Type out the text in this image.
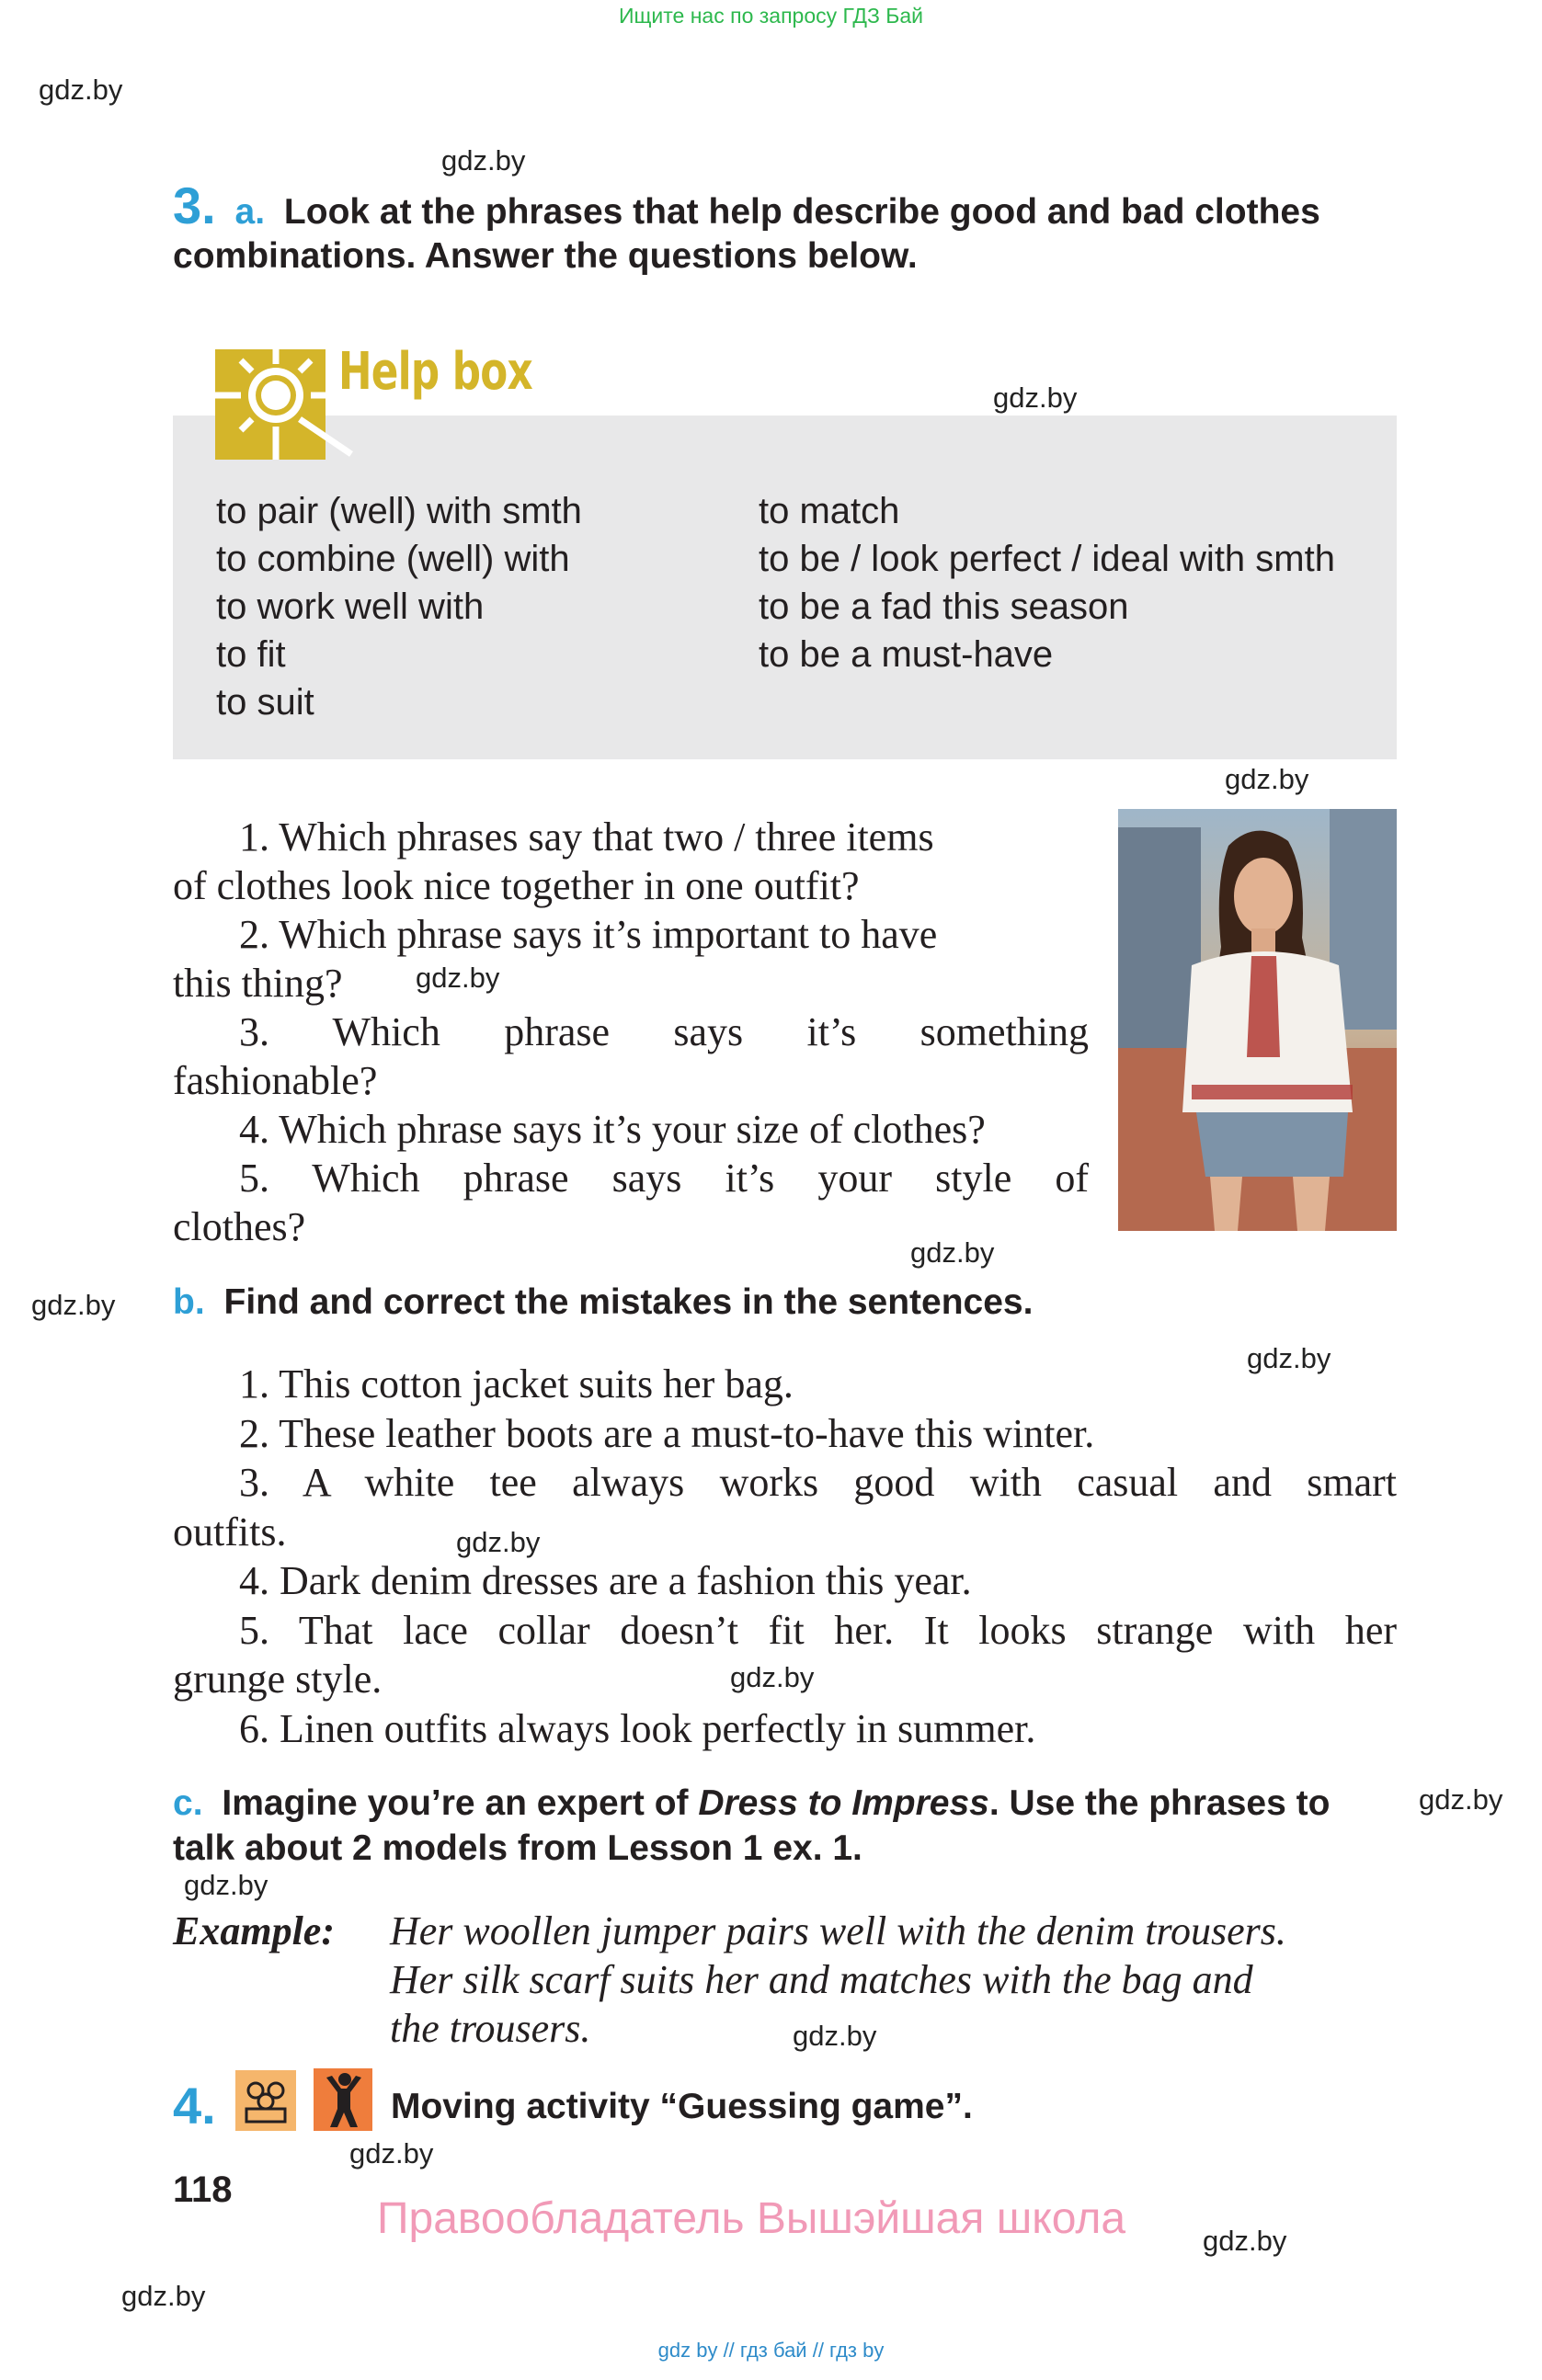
Ищите нас по запросу ГДЗ Бай
gdz.by
gdz.by
gdz.by
gdz.by
gdz.by
gdz.by
gdz.by
gdz.by
gdz.by
gdz.by
gdz.by
gdz.by
gdz.by
gdz.by
gdz.by
gdz.by
3. a. Look at the phrases that help describe good and bad clothes
combinations. Answer the questions below.
Help box
to pair (well) with smth
to combine (well) with
to work well with
to fit
to suit
to match
to be / look perfect / ideal with smth
to be a fad this season
to be a must-have
1. Which phrases say that two / three items
of clothes look nice together in one outfit?
2. Which phrase says it’s important to have
this thing?
3. Which phrase says it’s something
fashionable?
4. Which phrase says it’s your size of clothes?
5. Which phrase says it’s your style of
clothes?
b. Find and correct the mistakes in the sentences.
1. This cotton jacket suits her bag.
2. These leather boots are a must-to-have this winter.
3. A white tee always works good with casual and smart
outfits.
4. Dark denim dresses are a fashion this year.
5. That lace collar doesn’t fit her. It looks strange with her
grunge style.
6. Linen outfits always look perfectly in summer.
c. Imagine you’re an expert of Dress to Impress. Use the phrases to
talk about 2 models from Lesson 1 ex. 1.
Example: Her woollen jumper pairs well with the denim trousers.
Her silk scarf suits her and matches with the bag and
the trousers.
4.	Moving activity “Guessing game”.
118
Правообладатель Вышэйшая школа
gdz by // гдз бай // гдз by
